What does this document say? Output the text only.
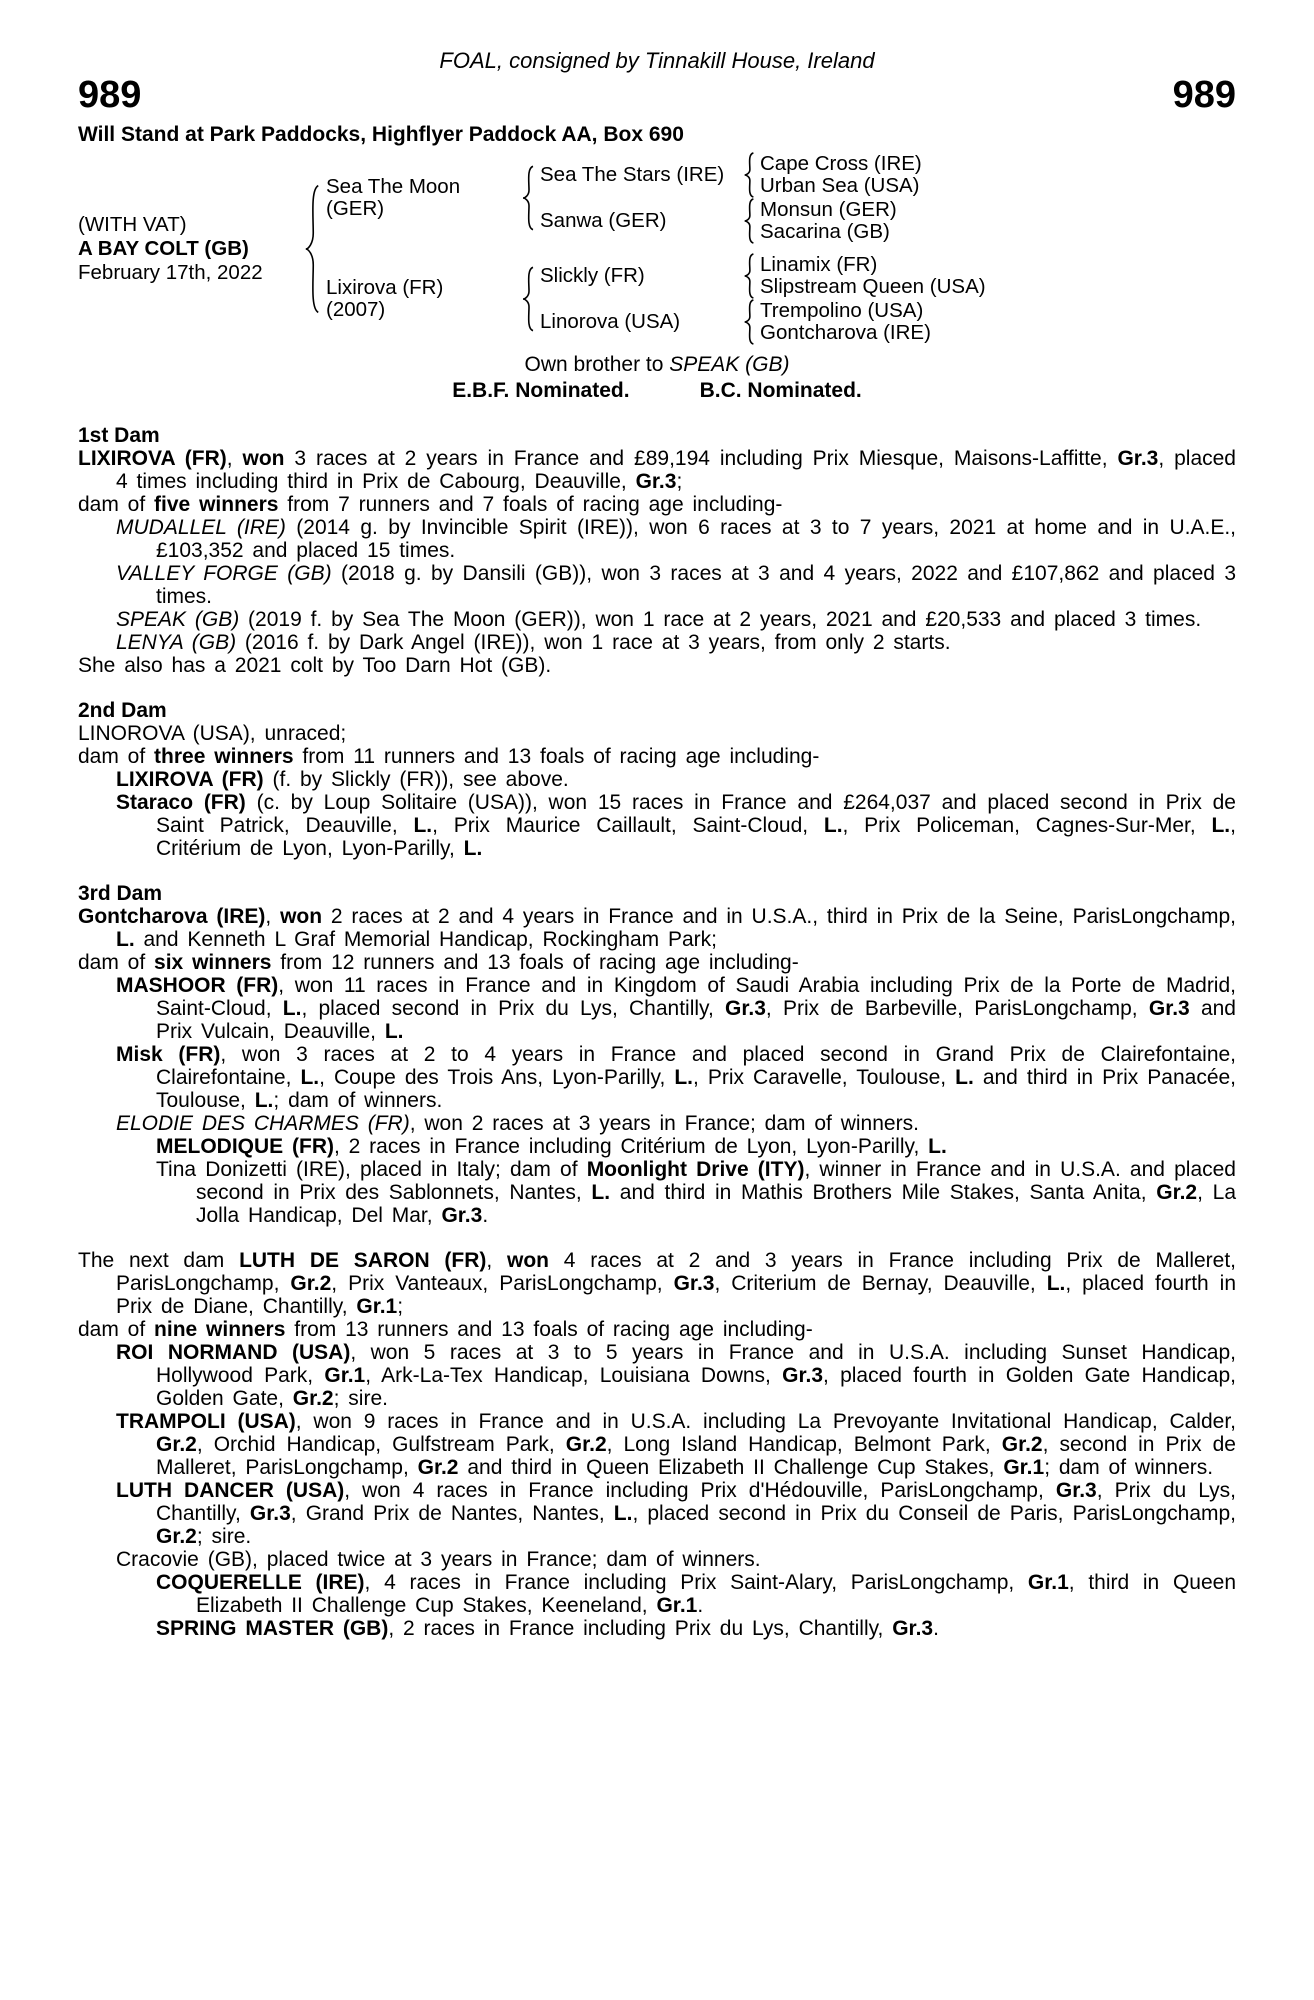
FOAL, consigned by Tinnakill House, Ireland
989	989
Will Stand at Park Paddocks, Highflyer Paddock AA, Box 690
(WITH VAT)
A BAY COLT (GB)
February 17th, 2022
Sea The Moon (GER)
Sea The Stars (IRE)	Cape Cross (IRE)
Urban Sea (USA)
Sanwa (GER)	Monsun (GER)
Sacarina (GB)
Lixirova (FR)
(2007)
Slickly (FR)	Linamix (FR)
Slipstream Queen (USA)
Linorova (USA)	Trempolino (USA)
Gontcharova (IRE)
Own brother to SPEAK (GB)
E.B.F. Nominated.	B.C. Nominated.
1st Dam
LIXIROVA (FR), won 3 races at 2 years in France and £89,194 including Prix Miesque, Maisons-Laffitte, Gr.3, placed 4 times including third in Prix de Cabourg, Deauville, Gr.3;
dam of five winners from 7 runners and 7 foals of racing age including-
MUDALLEL (IRE) (2014 g. by Invincible Spirit (IRE)), won 6 races at 3 to 7 years, 2021 at home and in U.A.E., £103,352 and placed 15 times.
VALLEY FORGE (GB) (2018 g. by Dansili (GB)), won 3 races at 3 and 4 years, 2022 and £107,862 and placed 3 times.
SPEAK (GB) (2019 f. by Sea The Moon (GER)), won 1 race at 2 years, 2021 and £20,533 and placed 3 times.
LENYA (GB) (2016 f. by Dark Angel (IRE)), won 1 race at 3 years, from only 2 starts.
She also has a 2021 colt by Too Darn Hot (GB).
2nd Dam
LINOROVA (USA), unraced;
dam of three winners from 11 runners and 13 foals of racing age including-
LIXIROVA (FR) (f. by Slickly (FR)), see above.
Staraco (FR) (c. by Loup Solitaire (USA)), won 15 races in France and £264,037 and placed second in Prix de Saint Patrick, Deauville, L., Prix Maurice Caillault, Saint-Cloud, L., Prix Policeman, Cagnes-Sur-Mer, L., Critérium de Lyon, Lyon-Parilly, L.
3rd Dam
Gontcharova (IRE), won 2 races at 2 and 4 years in France and in U.S.A., third in Prix de la Seine, ParisLongchamp, L. and Kenneth L Graf Memorial Handicap, Rockingham Park;
dam of six winners from 12 runners and 13 foals of racing age including-
MASHOOR (FR), won 11 races in France and in Kingdom of Saudi Arabia including Prix de la Porte de Madrid, Saint-Cloud, L., placed second in Prix du Lys, Chantilly, Gr.3, Prix de Barbeville, ParisLongchamp, Gr.3 and Prix Vulcain, Deauville, L.
Misk (FR), won 3 races at 2 to 4 years in France and placed second in Grand Prix de Clairefontaine, Clairefontaine, L., Coupe des Trois Ans, Lyon-Parilly, L., Prix Caravelle, Toulouse, L. and third in Prix Panacée, Toulouse, L.; dam of winners.
ELODIE DES CHARMES (FR), won 2 races at 3 years in France; dam of winners.
MELODIQUE (FR), 2 races in France including Critérium de Lyon, Lyon-Parilly, L.
Tina Donizetti (IRE), placed in Italy; dam of Moonlight Drive (ITY), winner in France and in U.S.A. and placed second in Prix des Sablonnets, Nantes, L. and third in Mathis Brothers Mile Stakes, Santa Anita, Gr.2, La Jolla Handicap, Del Mar, Gr.3.
The next dam LUTH DE SARON (FR), won 4 races at 2 and 3 years in France including Prix de Malleret, ParisLongchamp, Gr.2, Prix Vanteaux, ParisLongchamp, Gr.3, Criterium de Bernay, Deauville, L., placed fourth in Prix de Diane, Chantilly, Gr.1;
dam of nine winners from 13 runners and 13 foals of racing age including-
ROI NORMAND (USA), won 5 races at 3 to 5 years in France and in U.S.A. including Sunset Handicap, Hollywood Park, Gr.1, Ark-La-Tex Handicap, Louisiana Downs, Gr.3, placed fourth in Golden Gate Handicap, Golden Gate, Gr.2; sire.
TRAMPOLI (USA), won 9 races in France and in U.S.A. including La Prevoyante Invitational Handicap, Calder, Gr.2, Orchid Handicap, Gulfstream Park, Gr.2, Long Island Handicap, Belmont Park, Gr.2, second in Prix de Malleret, ParisLongchamp, Gr.2 and third in Queen Elizabeth II Challenge Cup Stakes, Gr.1; dam of winners.
LUTH DANCER (USA), won 4 races in France including Prix d'Hédouville, ParisLongchamp, Gr.3, Prix du Lys, Chantilly, Gr.3, Grand Prix de Nantes, Nantes, L., placed second in Prix du Conseil de Paris, ParisLongchamp, Gr.2; sire.
Cracovie (GB), placed twice at 3 years in France; dam of winners.
COQUERELLE (IRE), 4 races in France including Prix Saint-Alary, ParisLongchamp, Gr.1, third in Queen Elizabeth II Challenge Cup Stakes, Keeneland, Gr.1.
SPRING MASTER (GB), 2 races in France including Prix du Lys, Chantilly, Gr.3.
